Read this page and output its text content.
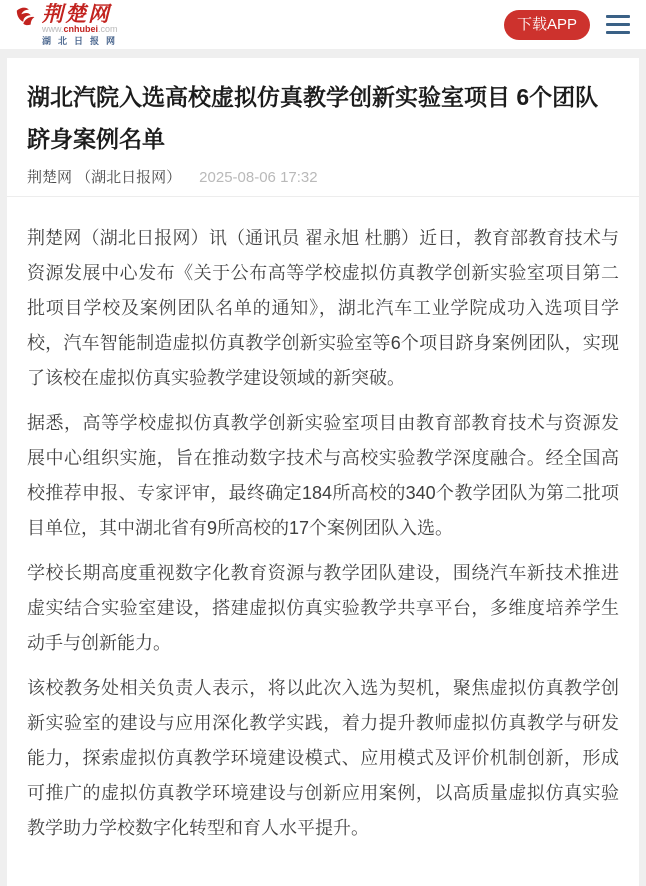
荆楚网
www.cnhubei.com
湖北日报网
下载APP
湖北汽院入选高校虚拟仿真教学创新实验室项目 6个团队跻身案例名单
荆楚网 （湖北日报网） 2025-08-06 17:32

荆楚网（湖北日报网）讯（通讯员 翟永旭 杜鹏）近日，教育部教育技术与资源发展中心发布《关于公布高等学校虚拟仿真教学创新实验室项目第二批项目学校及案例团队名单的通知》，湖北汽车工业学院成功入选项目学校，汽车智能制造虚拟仿真教学创新实验室等6个项目跻身案例团队，实现了该校在虚拟仿真实验教学建设领域的新突破。

据悉，高等学校虚拟仿真教学创新实验室项目由教育部教育技术与资源发展中心组织实施，旨在推动数字技术与高校实验教学深度融合。经全国高校推荐申报、专家评审，最终确定184所高校的340个教学团队为第二批项目单位，其中湖北省有9所高校的17个案例团队入选。

学校长期高度重视数字化教育资源与教学团队建设，围绕汽车新技术推进虚实结合实验室建设，搭建虚拟仿真实验教学共享平台，多维度培养学生动手与创新能力。

该校教务处相关负责人表示，将以此次入选为契机，聚焦虚拟仿真教学创新实验室的建设与应用深化教学实践，着力提升教师虚拟仿真教学与研发能力，探索虚拟仿真教学环境建设模式、应用模式及评价机制创新，形成可推广的虚拟仿真教学环境建设与创新应用案例，以高质量虚拟仿真实验教学助力学校数字化转型和育人水平提升。
